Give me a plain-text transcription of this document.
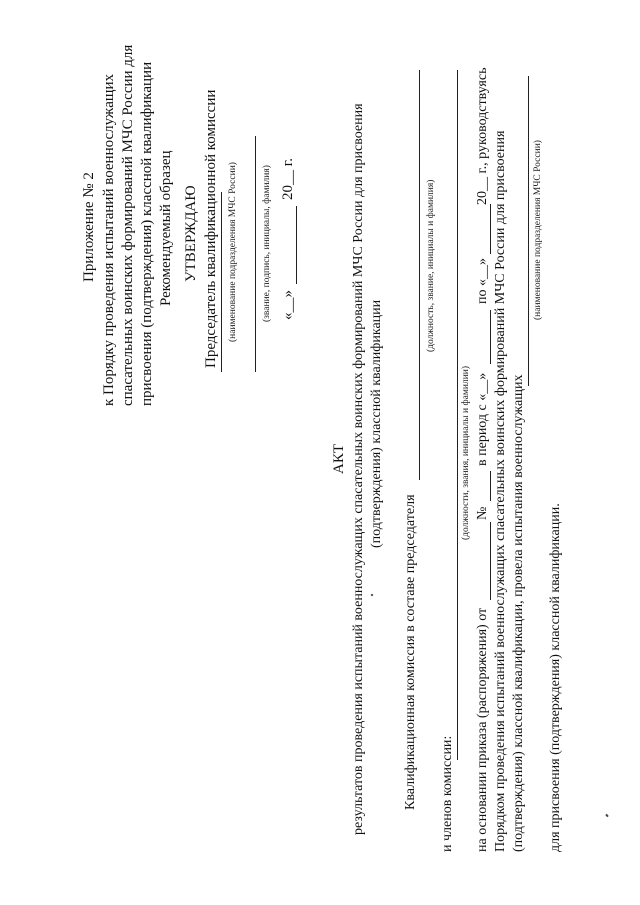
Приложение № 2 к Порядку проведения испытаний военнослужащих спасательных воинских формирований МЧС России для присвоения (подтверждения) классной квалификации Рекомендуемый образец УТВЕРЖДАЮ Председатель квалификационной комиссии (наименование подразделения МЧС России)	(звание, подпись, инициалы, фамилия) «__»
20__ г.
АКТ результатов проведения испытаний военнослужащих спасательных воинских формирований МЧС России для присвоения (подтверждения) классной квалификации
Квалификационная комиссия в составе председателя
(должность, звание, инициалы и фамилия)
и членов комиссии:
(должности, звания, инициалы и фамилии)
на основании приказа (распоряжения) от
№
в период с «__»
по «__»
20__ г., руководствуясь Порядком проведения испытаний военнослужащих спасательных воинских формирований МЧС России для присвоения (подтверждения) классной квалификации, провела испытания военнослужащих
(наименование подразделения МЧС России)
для присвоения (подтверждения) классной квалификации.
